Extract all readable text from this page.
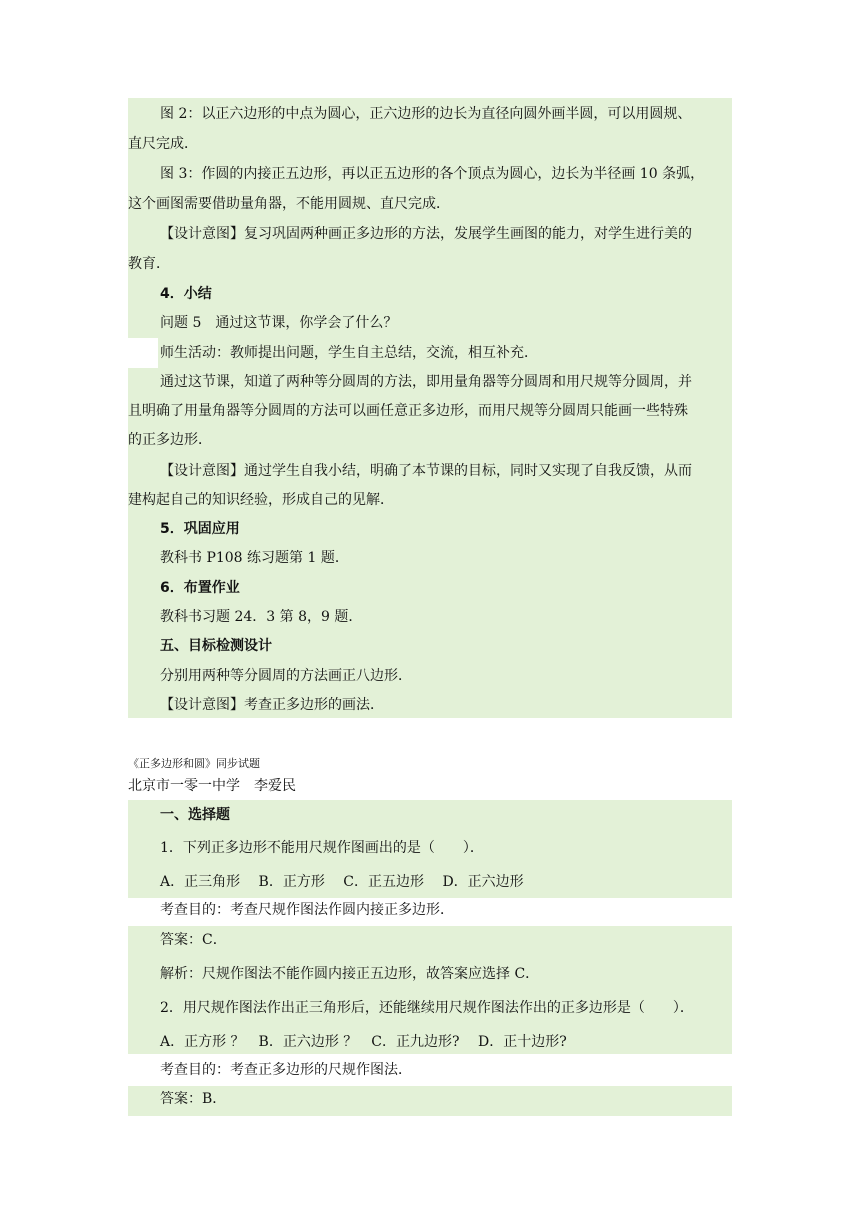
图 2：以正六边形的中点为圆心，正六边形的边长为直径向圆外画半圆，可以用圆规、
直尺完成．
图 3：作圆的内接正五边形，再以正五边形的各个顶点为圆心，边长为半径画 10 条弧，
这个画图需要借助量角器，不能用圆规、直尺完成．
【设计意图】复习巩固两种画正多边形的方法，发展学生画图的能力，对学生进行美的
教育．
4．小结
问题 5　通过这节课，你学会了什么？
师生活动：教师提出问题，学生自主总结，交流，相互补充．
通过这节课，知道了两种等分圆周的方法，即用量角器等分圆周和用尺规等分圆周，并
且明确了用量角器等分圆周的方法可以画任意正多边形，而用尺规等分圆周只能画一些特殊
的正多边形．
【设计意图】通过学生自我小结，明确了本节课的目标，同时又实现了自我反馈，从而
建构起自己的知识经验，形成自己的见解．
5．巩固应用
教科书 P108 练习题第 1 题．
6．布置作业
教科书习题 24．3 第 8，9 题．
五、目标检测设计
分别用两种等分圆周的方法画正八边形．
【设计意图】考查正多边形的画法．
《正多边形和圆》同步试题
北京市一零一中学　李爱民
一、选择题
1．下列正多边形不能用尺规作图画出的是（　　）．
A．正三角形　 B．正方形　 C．正五边形　 D．正六边形
考查目的：考查尺规作图法作圆内接正多边形．
答案：C．
解析：尺规作图法不能作圆内接正五边形，故答案应选择 C．
2．用尺规作图法作出正三角形后，还能继续用尺规作图法作出的正多边形是（　　）．
A．正方形 ？　B．正六边形 ？　C．正九边形?　 D．正十边形?
考查目的：考查正多边形的尺规作图法．
答案：B．
